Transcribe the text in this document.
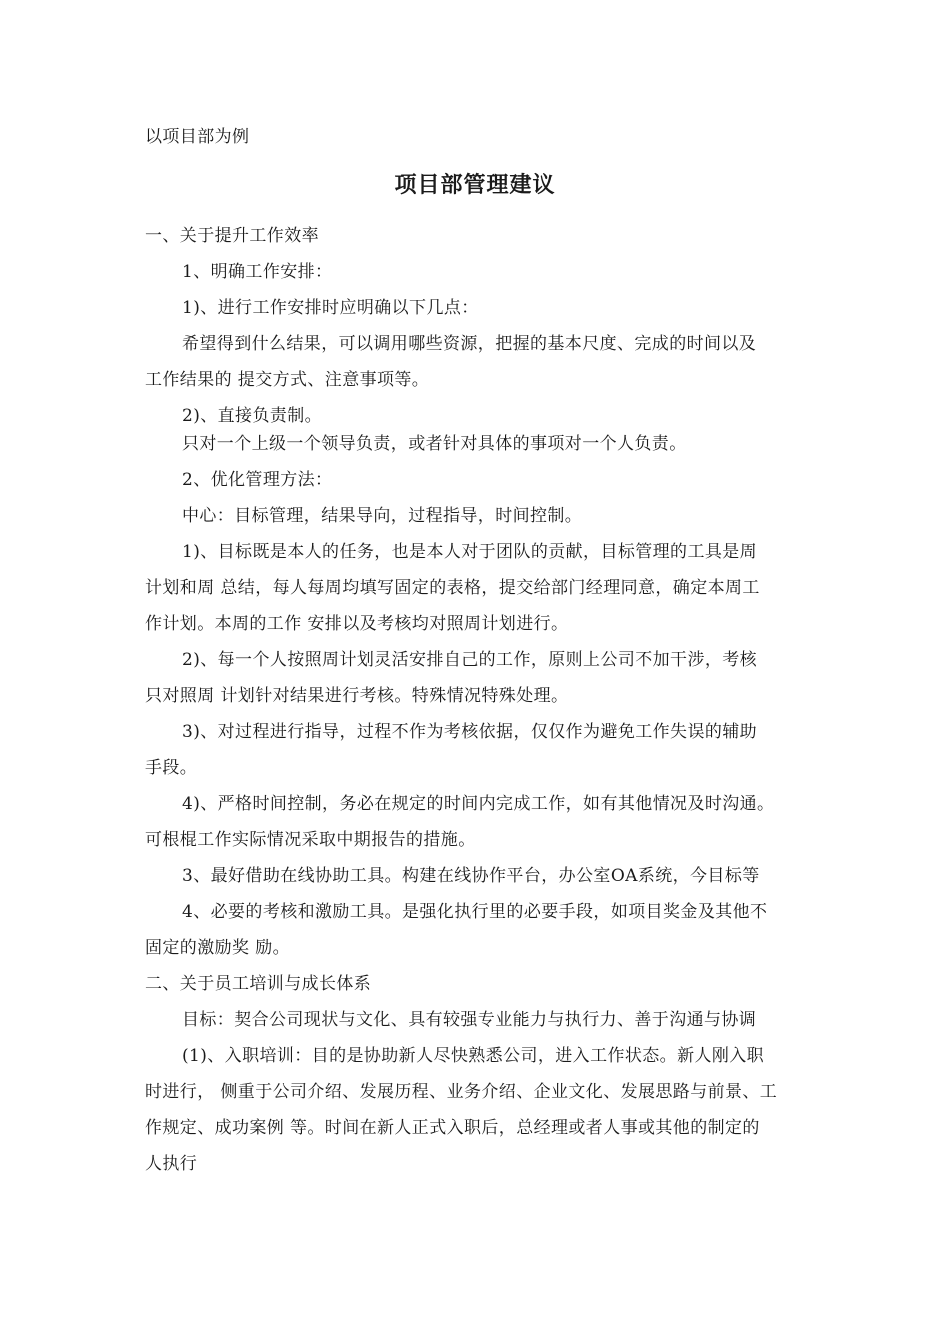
以项目部为例
项目部管理建议
一、关于提升工作效率
1、明确工作安排：
1)、进行工作安排时应明确以下几点：
希望得到什么结果，可以调用哪些资源，把握的基本尺度、完成的时间以及
工作结果的 提交方式、注意事项等。
2)、直接负责制。
只对一个上级一个领导负责，或者针对具体的事项对一个人负责。
2、优化管理方法：
中心：目标管理，结果导向，过程指导，时间控制。
1)、目标既是本人的任务，也是本人对于团队的贡献，目标管理的工具是周
计划和周 总结，每人每周均填写固定的表格，提交给部门经理同意，确定本周工
作计划。本周的工作 安排以及考核均对照周计划进行。
2)、每一个人按照周计划灵活安排自己的工作，原则上公司不加干涉，考核
只对照周 计划针对结果进行考核。特殊情况特殊处理。
3)、对过程进行指导，过程不作为考核依据，仅仅作为避免工作失误的辅助
手段。
4)、严格时间控制，务必在规定的时间内完成工作，如有其他情况及时沟通。
可根棍工作实际情况采取中期报告的措施。
3、最好借助在线协助工具。构建在线协作平台，办公室OA系统，今目标等
4、必要的考核和激励工具。是强化执行里的必要手段，如项目奖金及其他不
固定的激励奖 励。
二、关于员工培训与成长体系
目标：契合公司现状与文化、具有较强专业能力与执行力、善于沟通与协调
(1)、入职培训：目的是协助新人尽快熟悉公司，进入工作状态。新人刚入职
时进行， 侧重于公司介绍、发展历程、业务介绍、企业文化、发展思路与前景、工
作规定、成功案例 等。时间在新人正式入职后，总经理或者人事或其他的制定的
人执行
